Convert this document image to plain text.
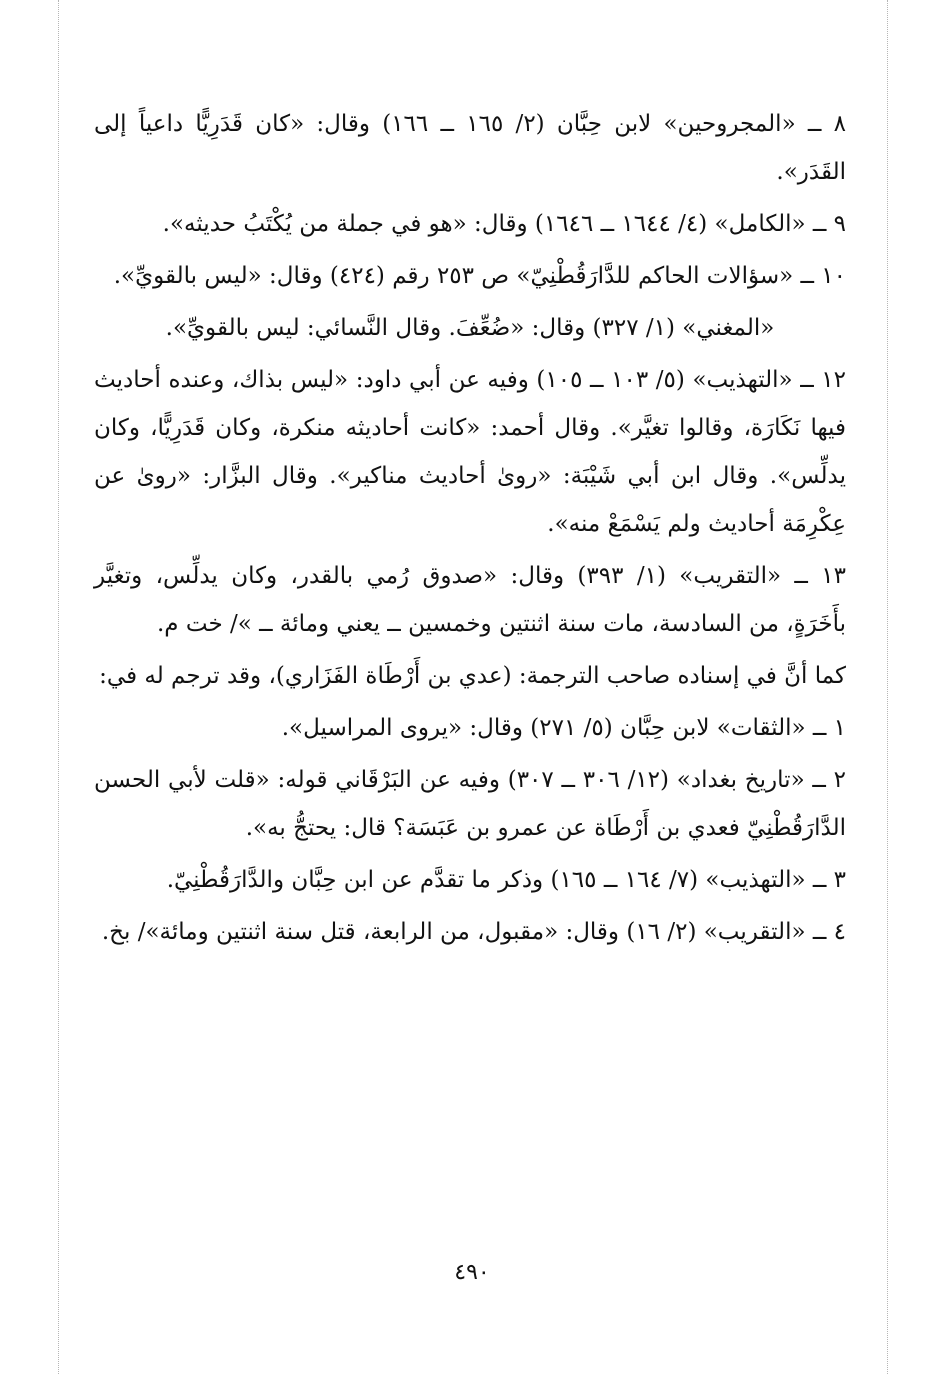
٨ ــ «المجروحين» لابن حِبَّان (٢/ ١٦٥ ــ ١٦٦) وقال: «كان قَدَرِيًّا داعياً إلى القَدَر».

٩ ــ «الكامل» (٤/ ١٦٤٤ ــ ١٦٤٦) وقال: «هو في جملة من يُكْتَبُ حديثه».

١٠ ــ «سؤالات الحاكم للدَّارَقُطْنِيّ» ص ٢٥٣ رقم (٤٢٤) وقال: «ليس بالقويِّ».

«المغني» (١/ ٣٢٧) وقال: «ضُعِّفَ. وقال النَّسائي: ليس بالقويِّ».

١٢ ــ «التهذيب» (٥/ ١٠٣ ــ ١٠٥) وفيه عن أبي داود: «ليس بذاك، وعنده أحاديث فيها نَكَارَة، وقالوا تغيَّر». وقال أحمد: «كانت أحاديثه منكرة، وكان قَدَرِيًّا، وكان يدلِّس». وقال ابن أبي شَيْبَة: «روىٰ أحاديث مناكير». وقال البزَّار: «روىٰ عن عِكْرِمَة أحاديث ولم يَسْمَعْ منه».

١٣ ــ «التقريب» (١/ ٣٩٣) وقال: «صدوق رُمي بالقدر، وكان يدلِّس، وتغيَّر بأَخَرَةٍ، من السادسة، مات سنة اثنتين وخمسين ــ يعني ومائة ــ »/ خت م.

كما أنَّ في إسناده صاحب الترجمة: (عدي بن أَرْطَاة الفَزَاري)، وقد ترجم له في:

١ ــ «الثقات» لابن حِبَّان (٥/ ٢٧١) وقال: «يروى المراسيل».

٢ ــ «تاريخ بغداد» (١٢/ ٣٠٦ ــ ٣٠٧) وفيه عن البَرْقَاني قوله: «قلت لأبي الحسن الدَّارَقُطْنِيّ فعدي بن أَرْطَاة عن عمرو بن عَبَسَة؟ قال: يحتجُّ به».

٣ ــ «التهذيب» (٧/ ١٦٤ ــ ١٦٥) وذكر ما تقدَّم عن ابن حِبَّان والدَّارَقُطْنِيّ.

٤ ــ «التقريب» (٢/ ١٦) وقال: «مقبول، من الرابعة، قتل سنة اثنتين ومائة»/ بخ.

٤٩٠
